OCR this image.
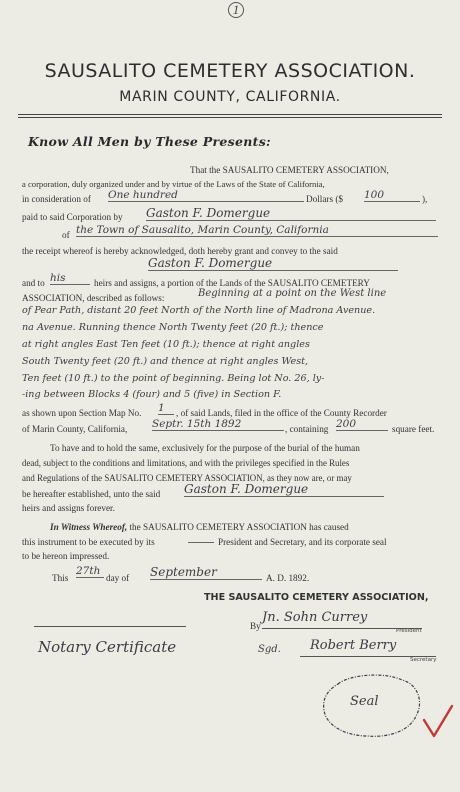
1
SAUSALITO CEMETERY ASSOCIATION.
MARIN COUNTY, CALIFORNIA.
Know All Men by These Presents:
That the SAUSALITO CEMETERY ASSOCIATION,
a corporation, duly organized under and by virtue of the Laws of the State of California,
in consideration of One hundred	Dollars ($ 100	),
paid to said Corporation by Gaston F. Domergue
of the Town of Sausalito, Marin County, California
the receipt whereof is hereby acknowledged, doth hereby grant and convey to the said
Gaston F. Domergue
and to his	heirs and assigns, a portion of the Lands of the SAUSALITO CEMETERY
ASSOCIATION, described as follows:	Beginning at a point on the West line
of Pear Path, distant 20 feet North of the North line of Madrona Avenue.
na Avenue. Running thence North Twenty feet (20 ft.); thence
at right angles East Ten feet (10 ft.); thence at right angles
South Twenty feet (20 ft.) and thence at right angles West,
Ten feet (10 ft.) to the point of beginning. Being lot No. 26, ly-
-ing between Blocks 4 (four) and 5 (five) in Section F.
as shown upon Section Map No. 1	, of said Lands, filed in the office of the County Recorder
of Marin County, California, Septr. 15th 1892	, containing 200	square feet.
To have and to hold the same, exclusively for the purpose of the burial of the human
dead, subject to the conditions and limitations, and with the privileges specified in the Rules
and Regulations of the SAUSALITO CEMETERY ASSOCIATION, as they now are, or may
be hereafter established, unto the said Gaston F. Domergue
heirs and assigns forever.
In Witness Whereof, the SAUSALITO CEMETERY ASSOCIATION has caused
this instrument to be executed by its	President and Secretary, and its corporate seal
to be hereon impressed.
This
27th
day of September	A. D. 1892.
THE SAUSALITO CEMETERY ASSOCIATION,
By
Jn. Sohn Currey
President
Sgd. Robert Berry
Secretary
Notary Certificate
Seal
